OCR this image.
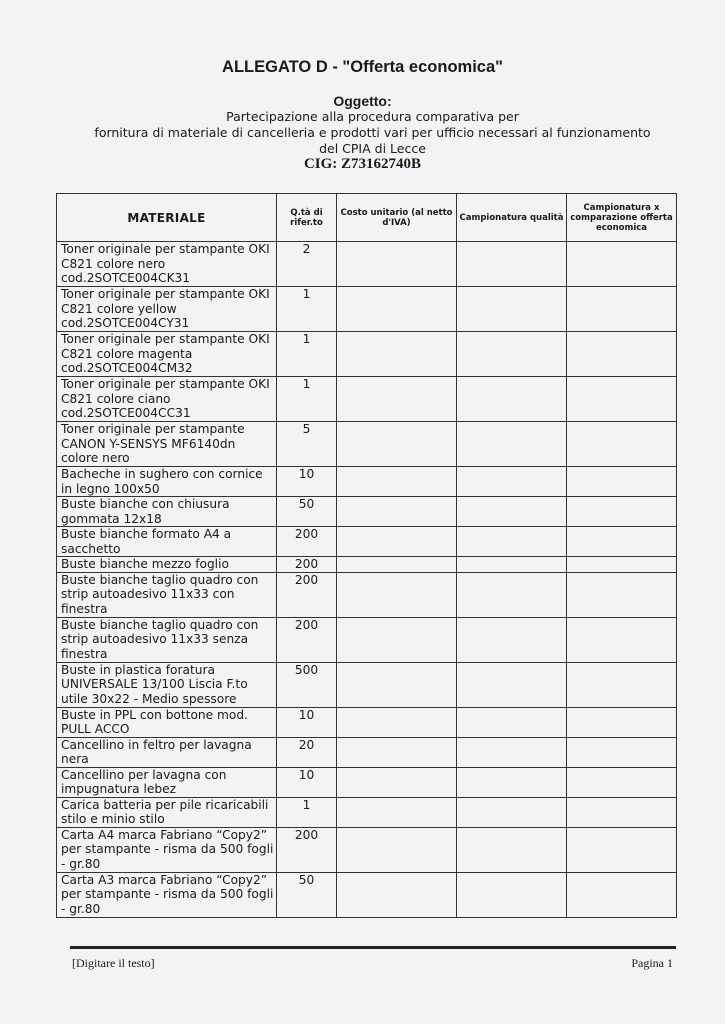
ALLEGATO D - "Offerta economica"
Oggetto:
Partecipazione alla procedura comparativa per
fornitura di materiale di cancelleria e prodotti vari per ufficio necessari al funzionamento
del CPIA di Lecce
CIG: Z73162740B
MATERIALE	Q.tà di rifer.to	Costo unitario (al netto d'IVA)	Campionatura qualità	Campionatura x comparazione offerta economica
Toner originale per stampante OKI C821 colore nero cod.2SOTCE004CK31	2			
Toner originale per stampante OKI C821 colore yellow cod.2SOTCE004CY31	1			
Toner originale per stampante OKI C821 colore magenta cod.2SOTCE004CM32	1			
Toner originale per stampante OKI C821 colore ciano cod.2SOTCE004CC31	1			
Toner originale per stampante CANON Y-SENSYS MF6140dn colore nero	5			
Bacheche in sughero con cornice in legno 100x50	10			
Buste bianche con chiusura gommata 12x18	50			
Buste bianche formato A4 a sacchetto	200			
Buste bianche mezzo foglio	200			
Buste bianche taglio quadro con strip autoadesivo 11x33 con finestra	200			
Buste bianche taglio quadro con strip autoadesivo 11x33 senza finestra	200			
Buste in plastica foratura UNIVERSALE 13/100 Liscia F.to utile 30x22 - Medio spessore	500			
Buste in PPL con bottone mod. PULL ACCO	10			
Cancellino in feltro per lavagna nera	20			
Cancellino per lavagna con impugnatura lebez	10			
Carica batteria per pile ricaricabili stilo e minio stilo	1			
Carta A4 marca Fabriano “Copy2” per stampante - risma da 500 fogli - gr.80	200			
Carta A3 marca Fabriano “Copy2” per stampante - risma da 500 fogli - gr.80	50			
[Digitare il testo]	Pagina 1
